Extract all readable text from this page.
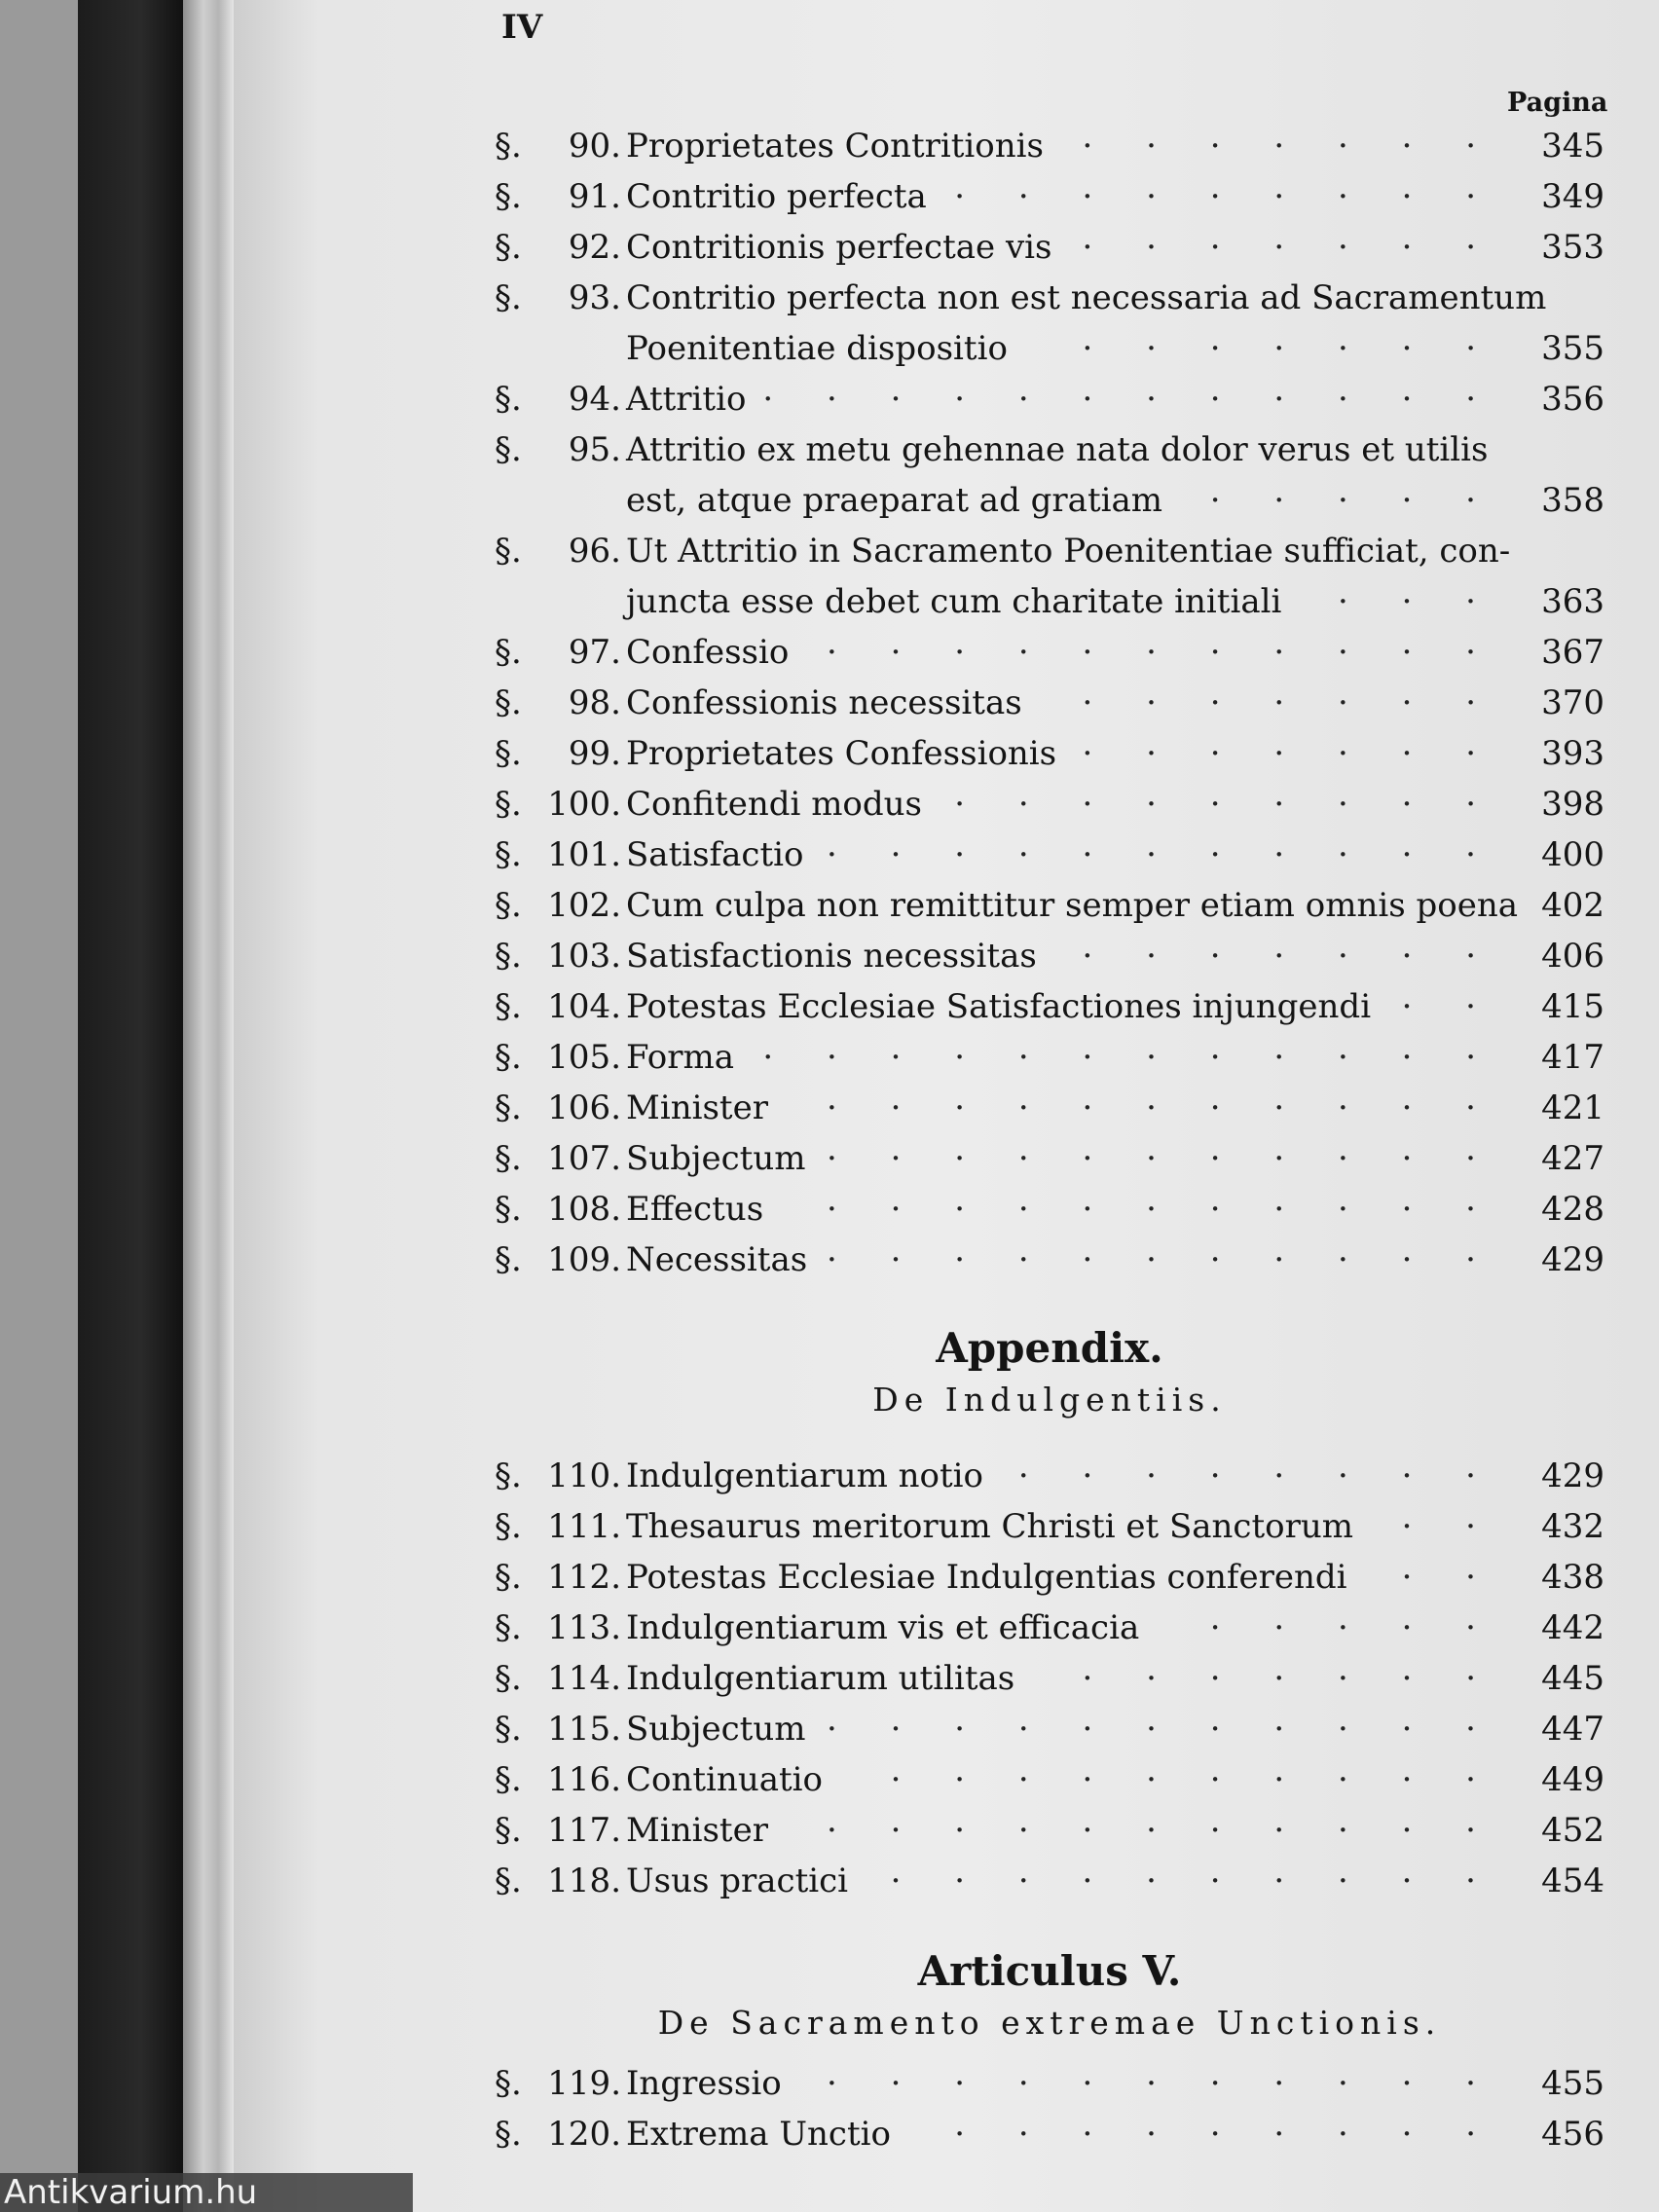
IV
Pagina
§.	90. Proprietates Contritionis · · · · · · ·	345
§.	91. Contritio perfecta · · · · · · · · ·	349
§.	92. Contritionis perfectae vis · · · · · · ·	353
§.	93. Contritio perfecta non est necessaria ad Sacramentum
Poenitentiae dispositio · · · · · · ·	355
§.	94. Attritio · · · · · · · · · · · ·	356
§.	95. Attritio ex metu gehennae nata dolor verus et utilis
est, atque praeparat ad gratiam · · · · ·	358
§.	96. Ut Attritio in Sacramento Poenitentiae sufficiat, con-
juncta esse debet cum charitate initiali · · ·	363
§.	97. Confessio · · · · · · · · · · ·	367
§.	98. Confessionis necessitas · · · · · · ·	370
§.	99. Proprietates Confessionis · · · · · · ·	393
§. 100. Confitendi modus · · · · · · · · ·	398
§. 101. Satisfactio · · · · · · · · · · ·	400
§. 102. Cum culpa non remittitur semper etiam omnis poena 402
§. 103. Satisfactionis necessitas · · · · · · ·	406
§. 104. Potestas Ecclesiae Satisfactiones injungendi · ·	415
§. 105. Forma · · · · · · · · · · · ·	417
§. 106. Minister · · · · · · · · · · ·	421
§. 107. Subjectum · · · · · · · · · · ·	427
§. 108. Effectus · · · · · · · · · · ·	428
§. 109. Necessitas · · · · · · · · · · ·	429
Appendix.
De Indulgentiis.
§. 110. Indulgentiarum notio · · · · · · · ·	429
§. 111. Thesaurus meritorum Christi et Sanctorum · ·	432
§. 112. Potestas Ecclesiae Indulgentias conferendi · ·	438
§. 113. Indulgentiarum vis et efficacia · · · · ·	442
§. 114. Indulgentiarum utilitas · · · · · · ·	445
§. 115. Subjectum · · · · · · · · · · ·	447
§. 116. Continuatio · · · · · · · · · ·	449
§. 117. Minister · · · · · · · · · · ·	452
§. 118. Usus practici · · · · · · · · · ·	454
Articulus V.
De Sacramento extremae Unctionis.
§. 119. Ingressio · · · · · · · · · · ·	455
§. 120. Extrema Unctio · · · · · · · · ·	456
Antikvarium.hu
